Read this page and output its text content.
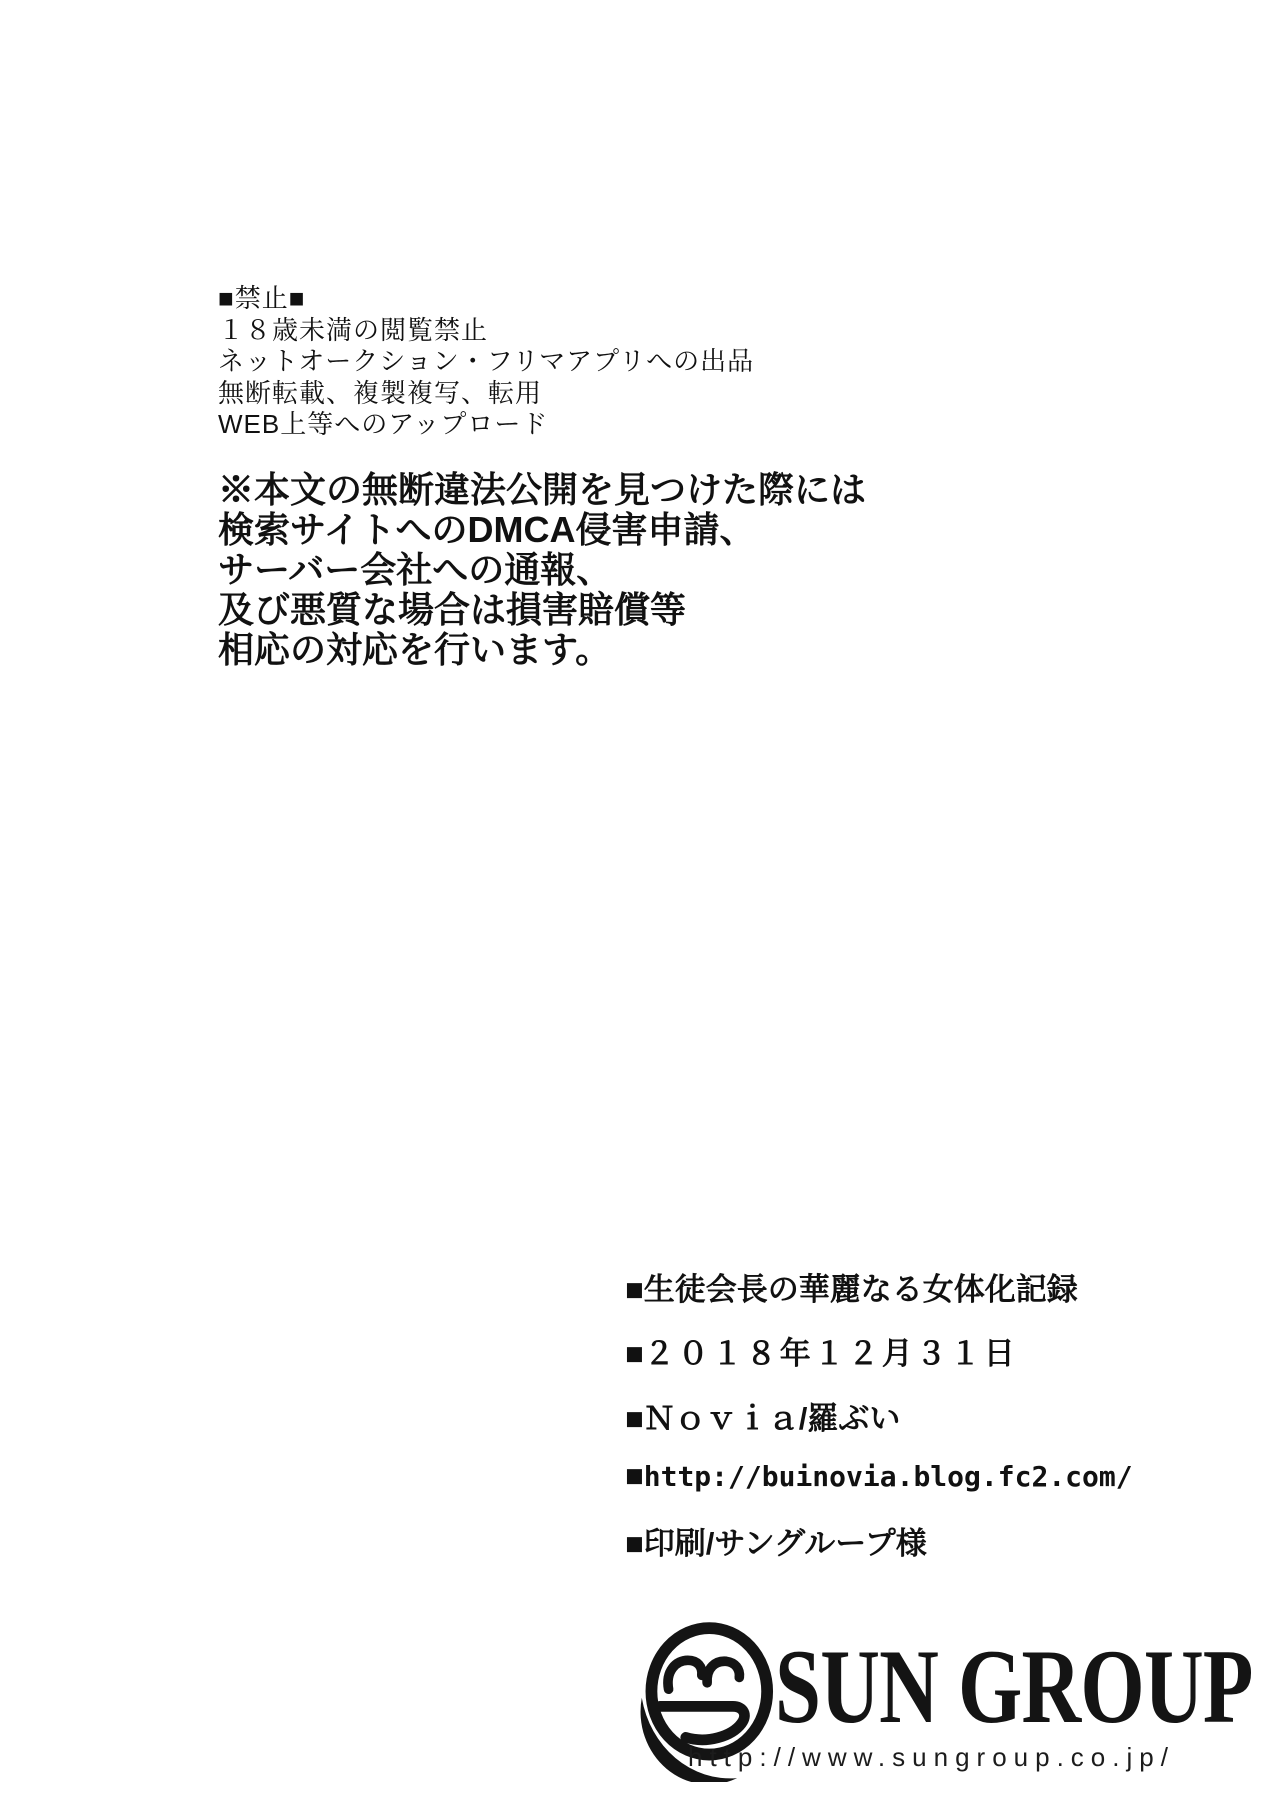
■禁止■
１８歳未満の閲覧禁止
ネットオークション・フリマアプリへの出品
無断転載、複製複写、転用
WEB上等へのアップロード
※本文の無断違法公開を見つけた際には
検索サイトへのDMCA侵害申請、
サーバー会社への通報、
及び悪質な場合は損害賠償等
相応の対応を行います。
■生徒会長の華麗なる女体化記録
■２０１８年１２月３１日
■Ｎｏｖｉａ/羅ぶい
■http://buinovia.blog.fc2.com/
■印刷/サングループ様
SUN GROUP
http://www.sungroup.co.jp/
